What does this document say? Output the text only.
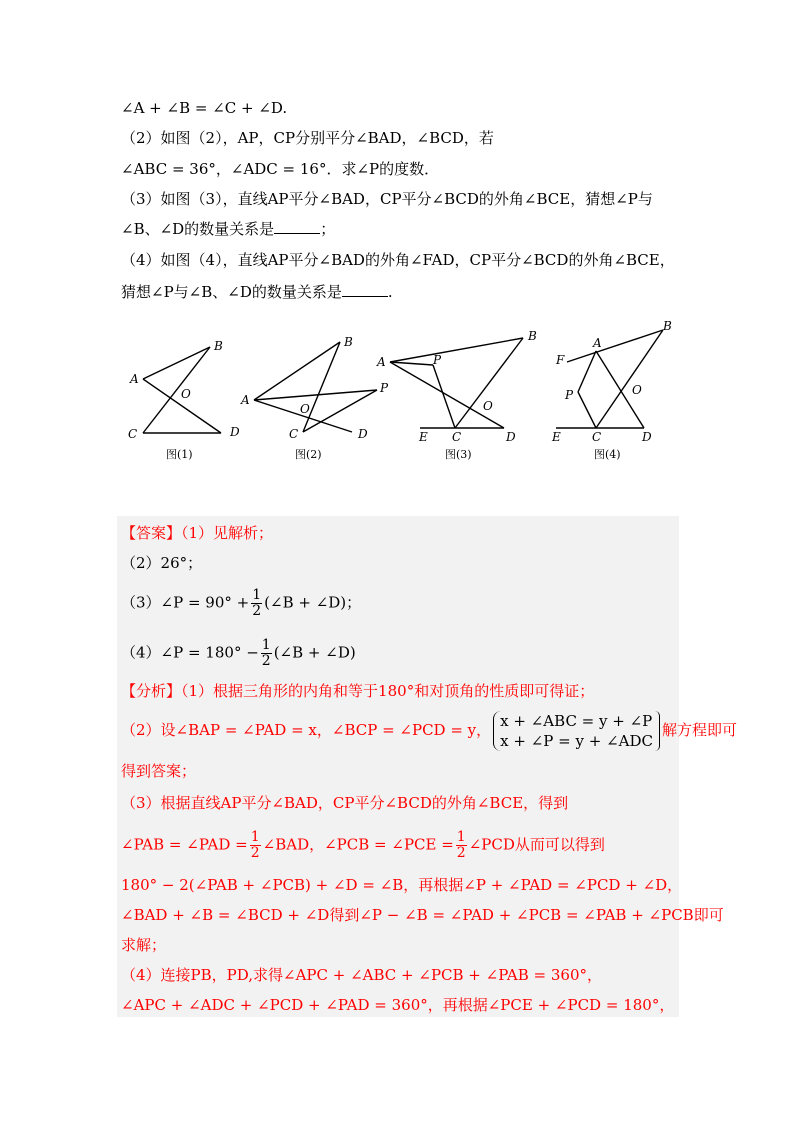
∠A + ∠B = ∠C + ∠D.
（2）如图（2），AP，CP分别平分∠BAD，∠BCD，若
∠ABC = 36°，∠ADC = 16°．求∠P的度数．
（3）如图（3），直线AP平分∠BAD，CP平分∠BCD的外角∠BCE，猜想∠P与
∠B、∠D的数量关系是	；
（4）如图（4），直线AP平分∠BAD的外角∠FAD，CP平分∠BCD的外角∠BCE，
猜想∠P与∠B、∠D的数量关系是	.
A
B
C	D
O	A
B
C	D
O
P
A
B
C	D
E
O
P
A
B
C	D
E
F
O
P
图(1)	图(2)	图(3)	图(4)
【答案】（1）见解析；
（2）26°；
（3）∠P = $90^\circ + \frac{1}{2}$ (∠B + ∠D)；
（4）∠P = $180^\circ - \frac{1}{2}$ (∠B + ∠D)
【分析】（1）根据三角形的内角和等于180°和对顶角的性质即可得证；
（2）设∠BAP = ∠PAD = x，∠BCP = ∠PCD = y， x + ∠ABC = y + ∠P
x + ∠P = y + ∠ADC
解方程即可
得到答案；
（3）根据直线AP平分∠BAD，CP平分∠BCD的外角∠BCE，得到
∠PAB = ∠PAD = $\frac{1}{2}$ ∠BAD，∠PCB = ∠PCE = $\frac{1}{2}$ ∠PCD从而可以得到
180° − 2(∠PAB + ∠PCB) + ∠D = ∠B，再根据∠P + ∠PAD = ∠PCD + ∠D，
∠BAD + ∠B = ∠BCD + ∠D得到∠P − ∠B = ∠PAD + ∠PCB = ∠PAB + ∠PCB即可
求解；
（4）连接PB，PD,求得∠APC + ∠ABC + ∠PCB + ∠PAB = 360°，
∠APC + ∠ADC + ∠PCD + ∠PAD = 360°，再根据∠PCE + ∠PCD = 180°，
